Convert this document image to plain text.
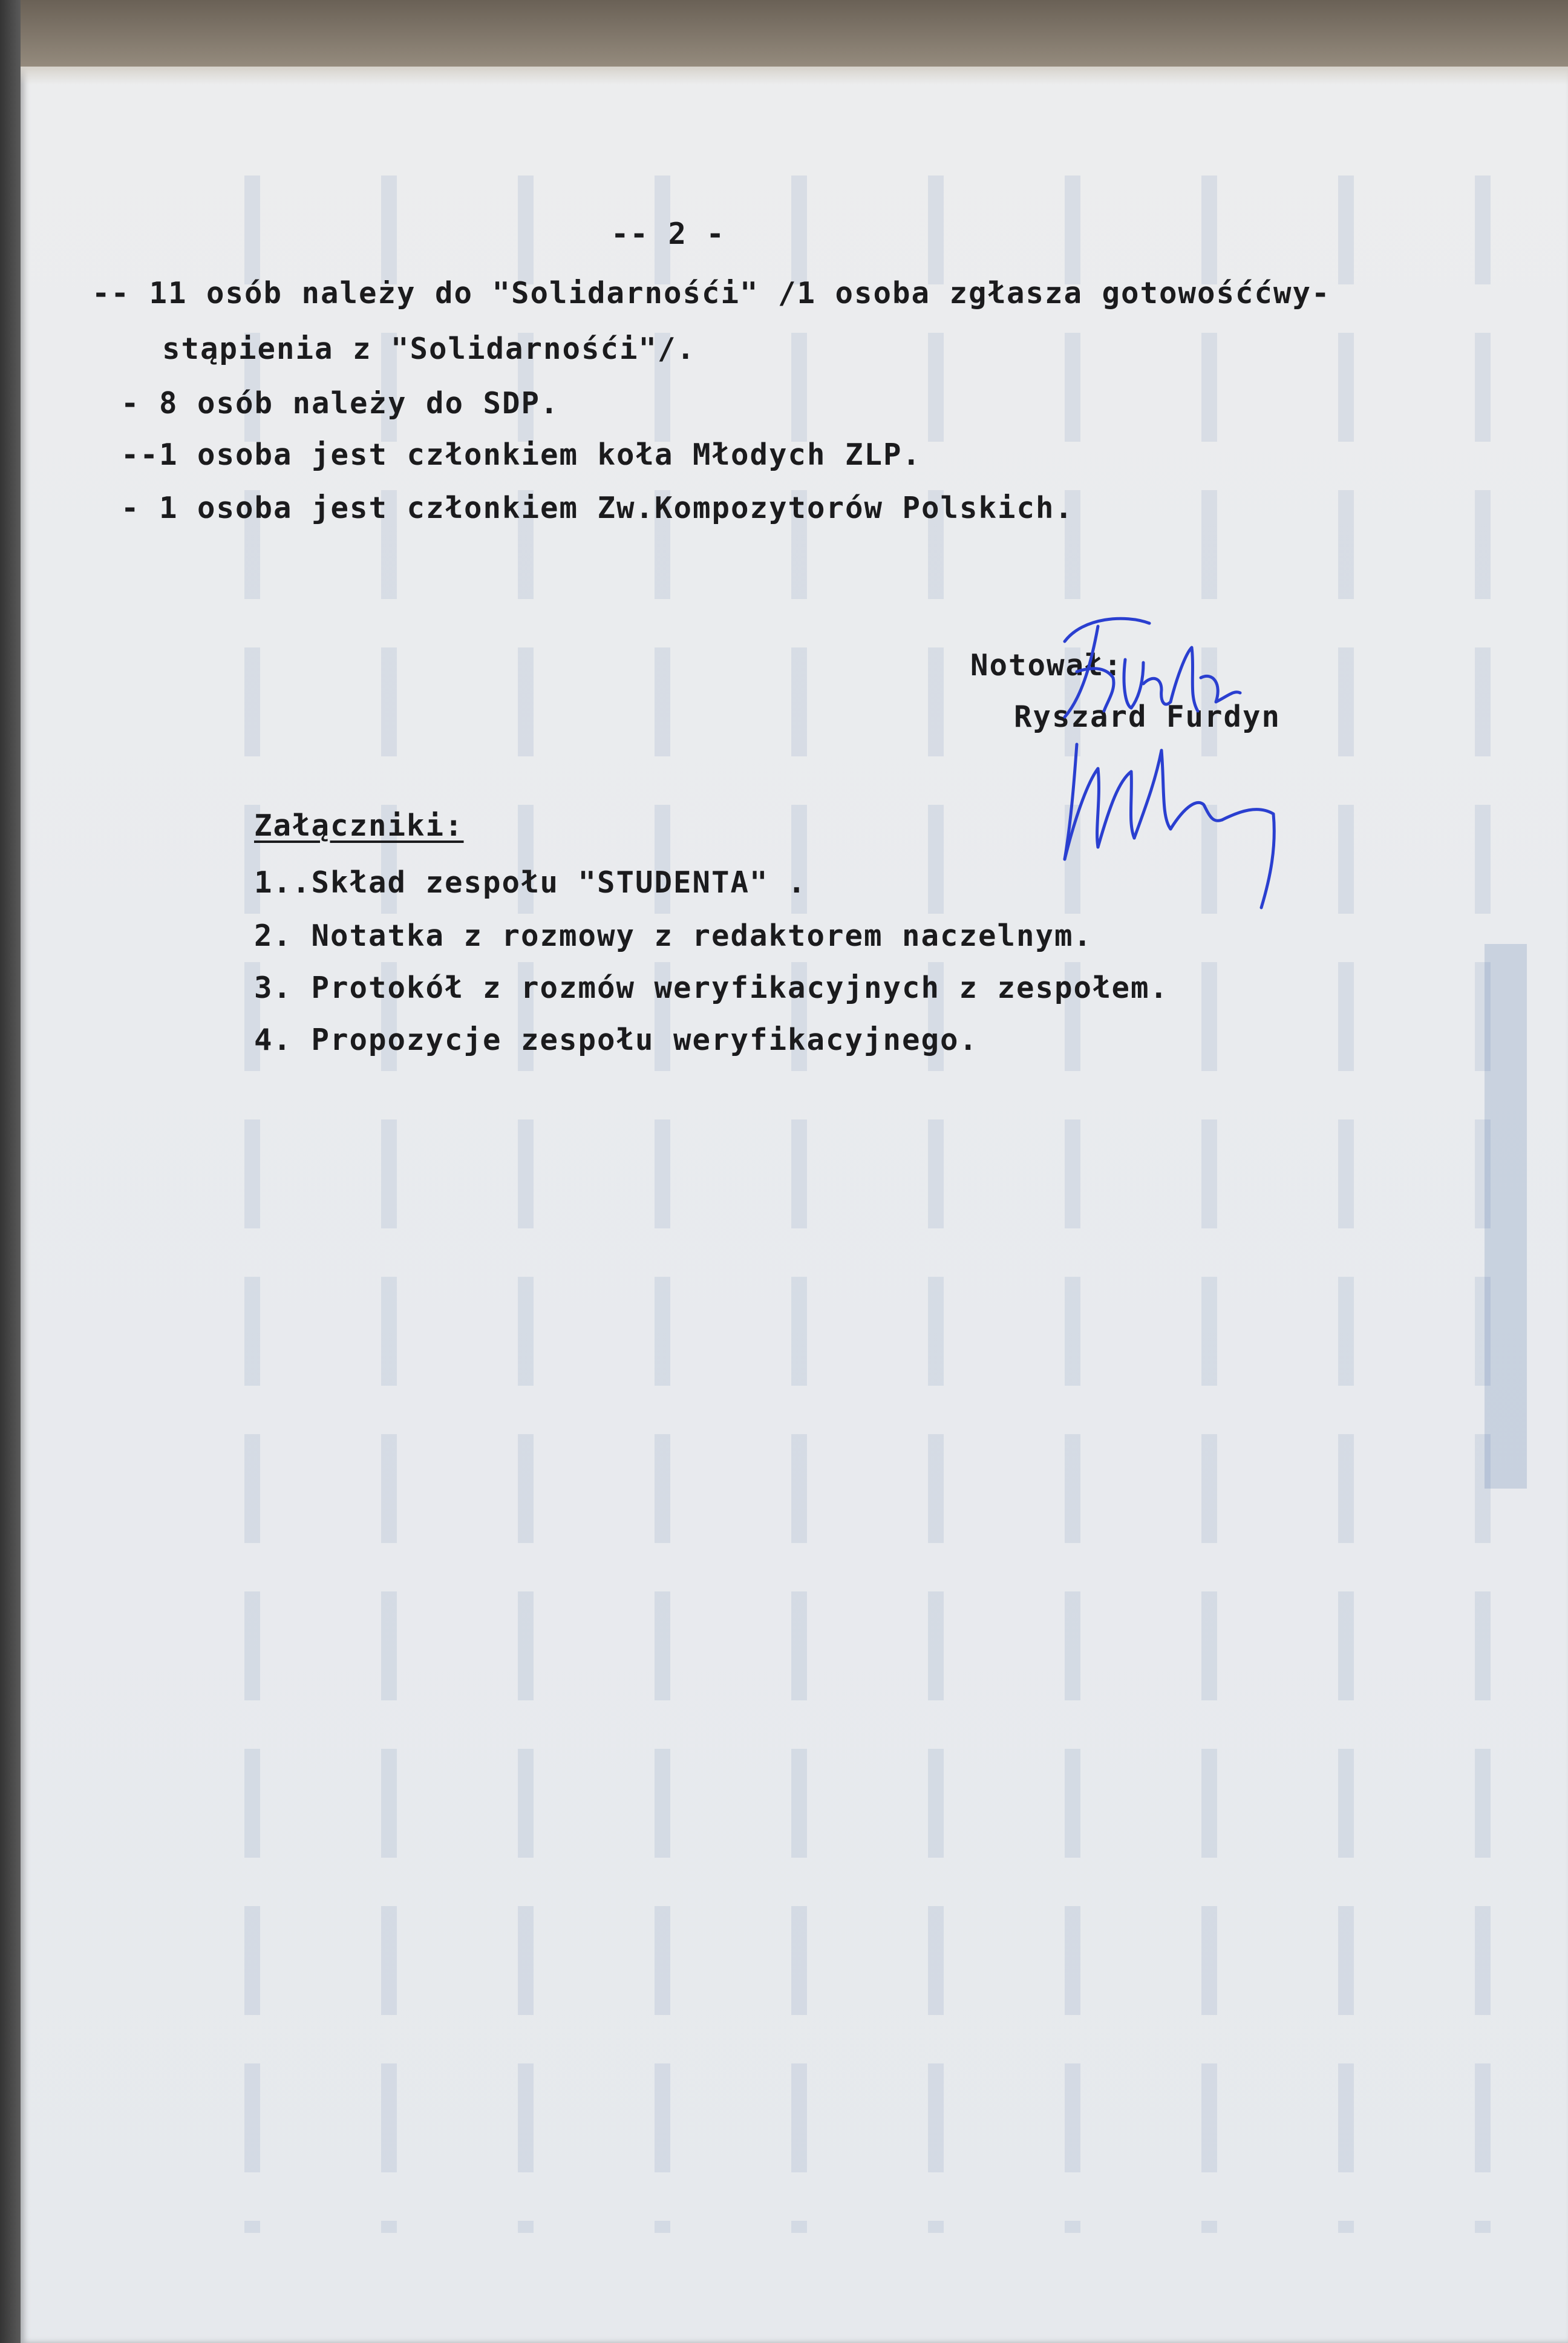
-- 2 -
-- 11 osób należy do "Solidarnośći" /1 osoba zgłasza gotowośććwy-
stąpienia z "Solidarnośći"/.
- 8 osób należy do SDP.
--1 osoba jest członkiem koła Młodych ZLP.
- 1 osoba jest członkiem Zw.Kompozytorów Polskich.
Notował:
Ryszard Furdyn
Załączniki:
1..Skład zespołu "STUDENTA" .
2. Notatka z rozmowy z redaktorem naczelnym.
3. Protokół z rozmów weryfikacyjnych z zespołem.
4. Propozycje zespołu weryfikacyjnego.
